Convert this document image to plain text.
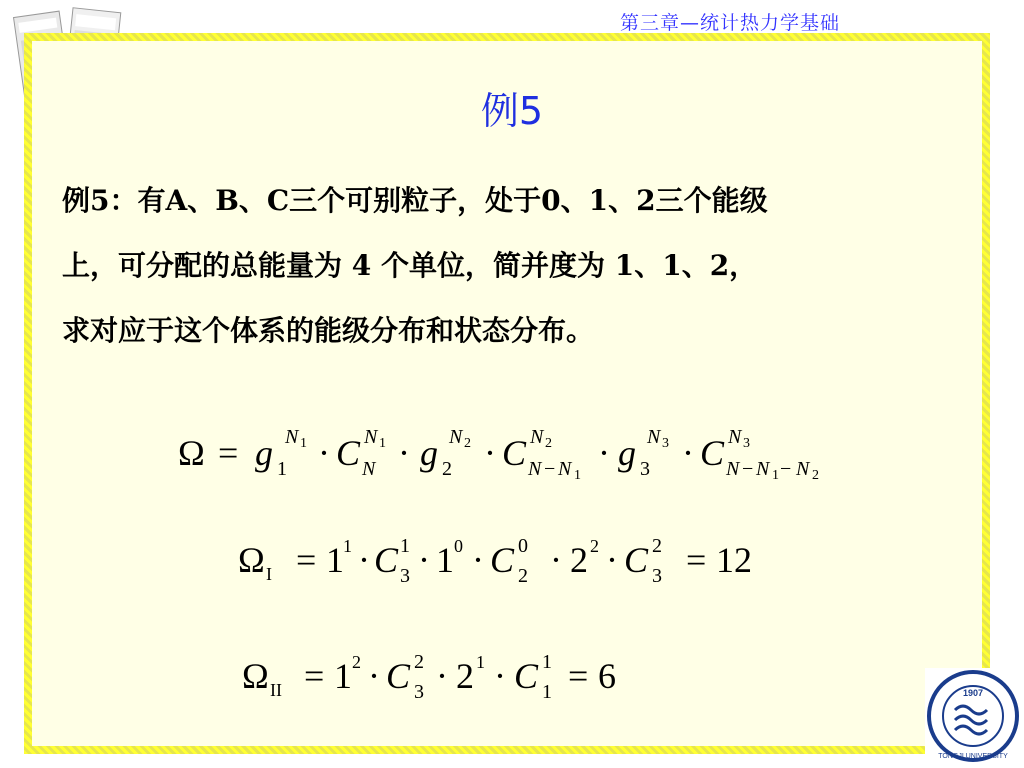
第三章—统计热力学基础
例5
例5：有A、B、C三个可别粒子，处于0、1、2三个能级
上，可分配的总能量为 4 个单位，简并度为 1、1、2，
求对应于这个体系的能级分布和状态分布。
Ω = g 1
N 1 · C N
N 1 · g 2
N 2 · C N − N 1
N 2 · g 3
N 3 · C N − N 1 − N 2
N 3
Ω I = 1 1 · C 3
1 · 1 0 · C 2
0 · 2 2 · C 3
2 = 12
Ω II = 1 2 · C 3
2 · 2 1 · C 1
1 = 6	1907
TONGJI UNIVERSITY
